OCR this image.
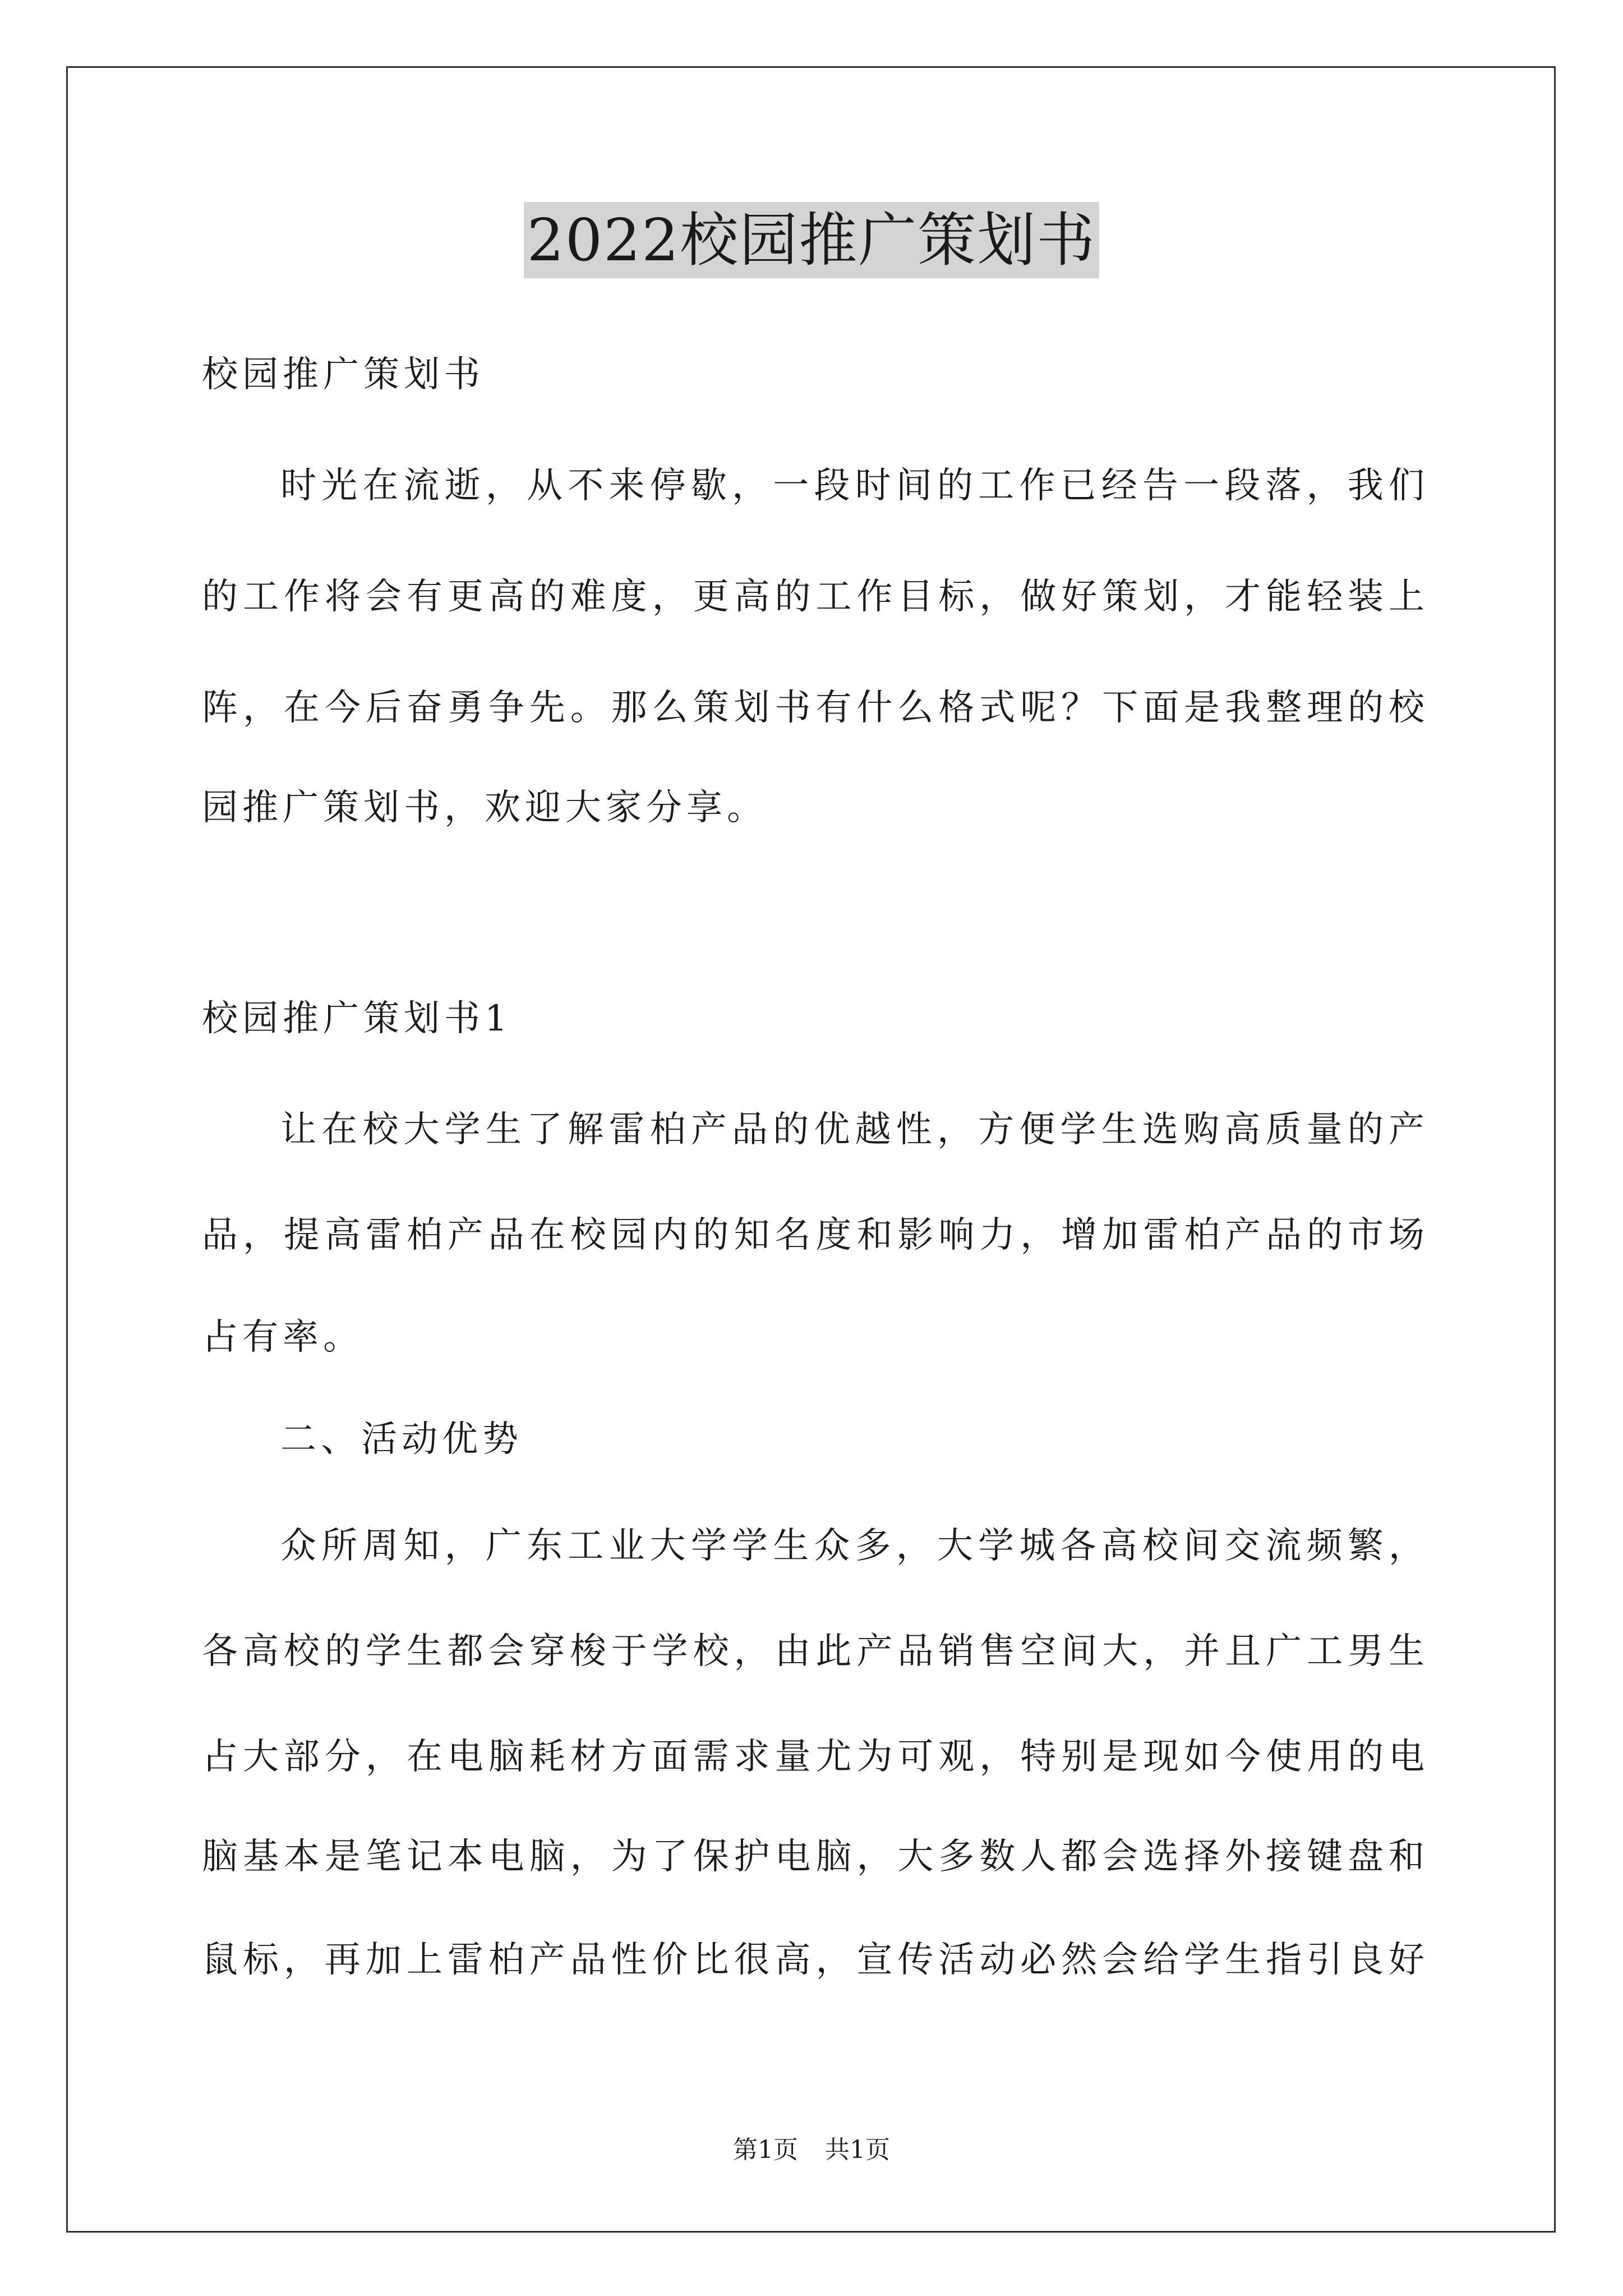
2022校园推广策划书
校园推广策划书
时光在流逝，从不来停歇，一段时间的工作已经告一段落，我们
的工作将会有更高的难度，更高的工作目标，做好策划，才能轻装上
阵，在今后奋勇争先。那么策划书有什么格式呢？下面是我整理的校
园推广策划书，欢迎大家分享。
校园推广策划书1
让在校大学生了解雷柏产品的优越性，方便学生选购高质量的产
品，提高雷柏产品在校园内的知名度和影响力，增加雷柏产品的市场
占有率。
二、活动优势
众所周知，广东工业大学学生众多，大学城各高校间交流频繁，
各高校的学生都会穿梭于学校，由此产品销售空间大，并且广工男生
占大部分，在电脑耗材方面需求量尤为可观，特别是现如今使用的电
脑基本是笔记本电脑，为了保护电脑，大多数人都会选择外接键盘和
鼠标，再加上雷柏产品性价比很高，宣传活动必然会给学生指引良好
第1页 共1页
